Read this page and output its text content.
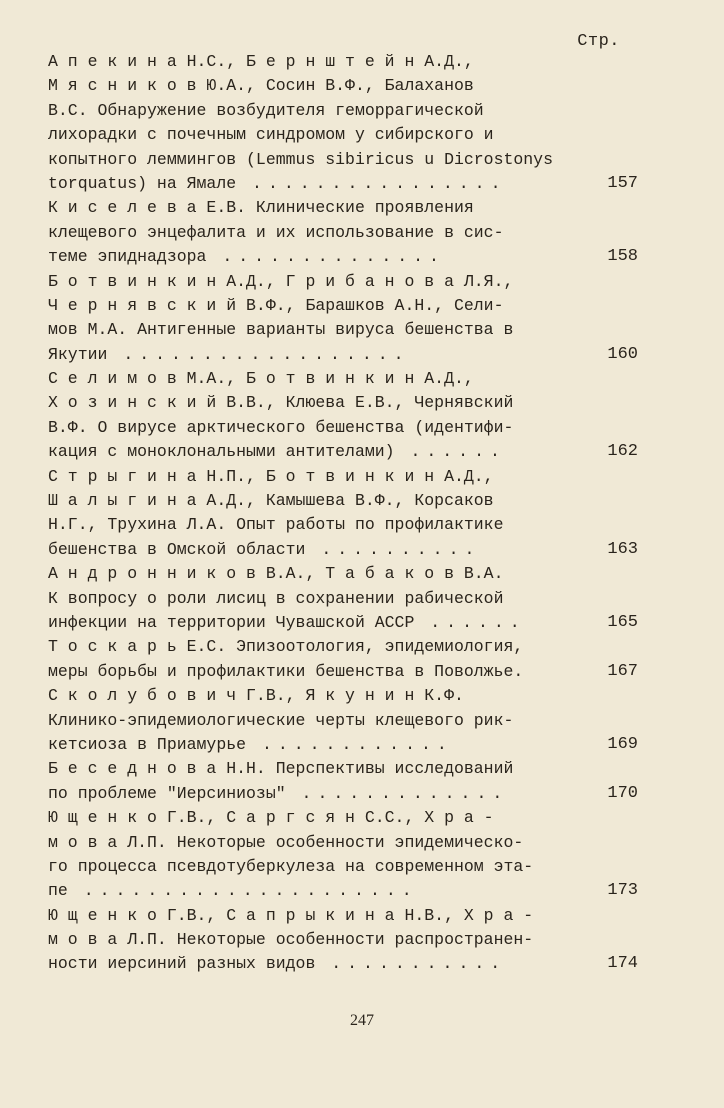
Стр.
А п е к и н а Н.С., Б е р н ш т е й н А.Д.,
М я с н и к о в Ю.А., Сосин В.Ф., Балаханов
В.С. Обнаружение возбудителя геморрагической
лихорадки с почечным синдромом у сибирского и
копытного леммингов (Lemmus sibiricus u Dicrostonys
torquatus) на Ямале ................	157
К и с е л е в а Е.В. Клинические проявления
клещевого энцефалита и их использование в сис-
теме эпиднадзора ..............	158
Б о т в и н к и н А.Д., Г р и б а н о в а Л.Я.,
Ч е р н я в с к и й В.Ф., Барашков А.Н., Сели-
мов М.А. Антигенные варианты вируса бешенства в
Якутии ..................	160
С е л и м о в М.А., Б о т в и н к и н А.Д.,
Х о з и н с к и й В.В., Клюева Е.В., Чернявский
В.Ф. О вирусе арктического бешенства (идентифи-
кация с моноклональными антителами) ......	162
С т р ы г и н а Н.П., Б о т в и н к и н А.Д.,
Ш а л ы г и н а А.Д., Камышева В.Ф., Корсаков
Н.Г., Трухина Л.А. Опыт работы по профилактике
бешенства в Омской области ..........	163
А н д р о н н и к о в В.А., Т а б а к о в В.А.
К вопросу о роли лисиц в сохранении рабической
инфекции на территории Чувашской АССР ......	165
Т о с к а р ь Е.С. Эпизоотология, эпидемиология,
меры борьбы и профилактики бешенства в Поволжье.	167
С к о л у б о в и ч Г.В., Я к у н и н К.Ф.
Клинико-эпидемиологические черты клещевого рик-
кетсиоза в Приамурье ............	169
Б е с е д н о в а Н.Н. Перспективы исследований
по проблеме "Иерсиниозы" .............	170
Ю щ е н к о Г.В., С а р г с я н С.С., Х р а -
м о в а Л.П. Некоторые особенности эпидемическо-
го процесса псевдотуберкулеза на современном эта-
пе .....................	173
Ю щ е н к о Г.В., С а п р ы к и н а Н.В., Х р а -
м о в а Л.П. Некоторые особенности распространен-
ности иерсиний разных видов ...........	174
247
